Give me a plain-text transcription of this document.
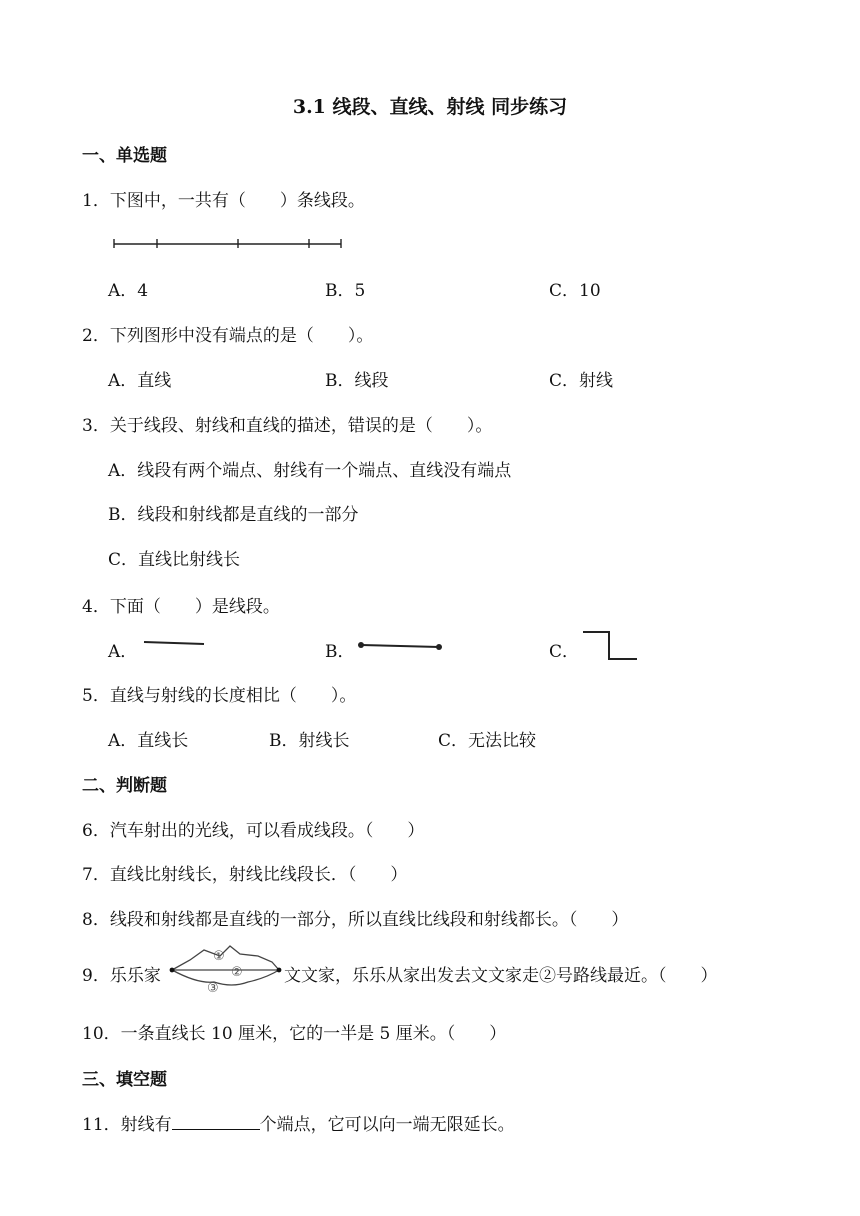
3.1 线段、直线、射线 同步练习
一、单选题
1．下图中，一共有（　　）条线段。
A．4	B．5	C．10
2．下列图形中没有端点的是（　　）。
A．直线	B．线段	C．射线
3．关于线段、射线和直线的描述，错误的是（　　）。
A．线段有两个端点、射线有一个端点、直线没有端点
B．线段和射线都是直线的一部分
C．直线比射线长
4．下面（　　）是线段。
A．	B．	C．
5．直线与射线的长度相比（　　）。
A．直线长	B．射线长	C．无法比较
二、判断题
6．汽车射出的光线，可以看成线段。（　　）
7．直线比射线长，射线比线段长．（　　）
8．线段和射线都是直线的一部分，所以直线比线段和射线都长。（　　）
9．乐乐家
①
②
③
文文家，乐乐从家出发去文文家走②号路线最近。（　　）
10．一条直线长 10 厘米，它的一半是 5 厘米。（　　）
三、填空题
11．射线有	个端点，它可以向一端无限延长。
